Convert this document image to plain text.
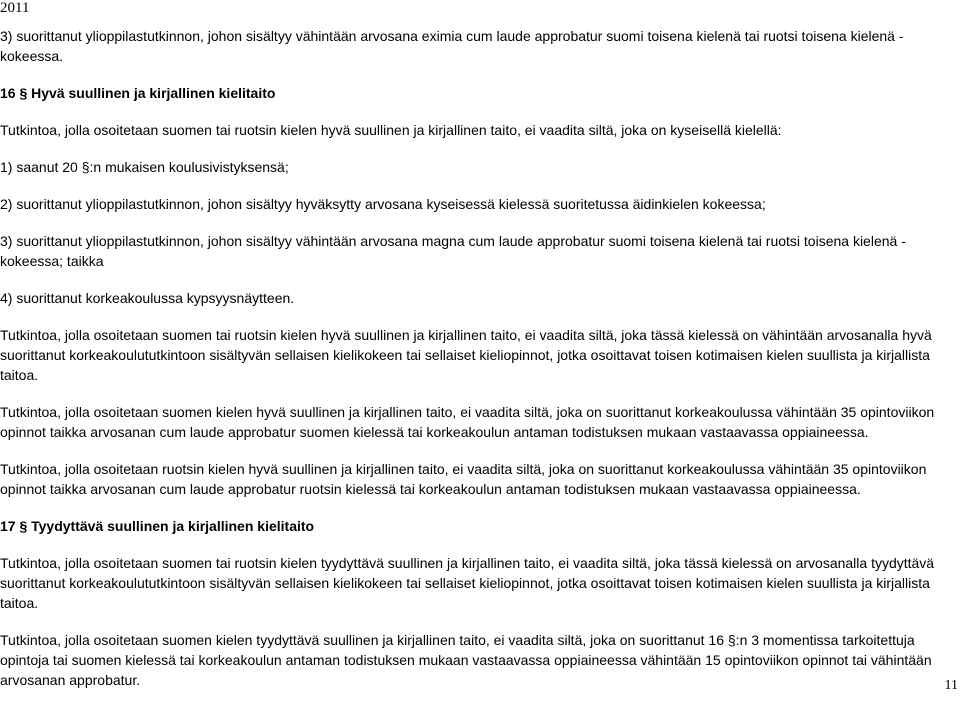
2011

3) suorittanut ylioppilastutkinnon, johon sisältyy vähintään arvosana eximia cum laude approbatur suomi toisena kielenä tai ruotsi toisena kielenä -kokeessa.

16 § Hyvä suullinen ja kirjallinen kielitaito

Tutkintoa, jolla osoitetaan suomen tai ruotsin kielen hyvä suullinen ja kirjallinen taito, ei vaadita siltä, joka on kyseisellä kielellä:

1) saanut 20 §:n mukaisen koulusivistyksensä;

2) suorittanut ylioppilastutkinnon, johon sisältyy hyväksytty arvosana kyseisessä kielessä suoritetussa äidinkielen kokeessa;

3) suorittanut ylioppilastutkinnon, johon sisältyy vähintään arvosana magna cum laude approbatur suomi toisena kielenä tai ruotsi toisena kielenä -kokeessa; taikka

4) suorittanut korkeakoulussa kypsyysnäytteen.

Tutkintoa, jolla osoitetaan suomen tai ruotsin kielen hyvä suullinen ja kirjallinen taito, ei vaadita siltä, joka tässä kielessä on vähintään arvosanalla hyvä suorittanut korkeakoulututkintoon sisältyvän sellaisen kielikokeen tai sellaiset kieliopinnot, jotka osoittavat toisen kotimaisen kielen suullista ja kirjallista taitoa.

Tutkintoa, jolla osoitetaan suomen kielen hyvä suullinen ja kirjallinen taito, ei vaadita siltä, joka on suorittanut korkeakoulussa vähintään 35 opintoviikon opinnot taikka arvosanan cum laude approbatur suomen kielessä tai korkeakoulun antaman todistuksen mukaan vastaavassa oppiaineessa.

Tutkintoa, jolla osoitetaan ruotsin kielen hyvä suullinen ja kirjallinen taito, ei vaadita siltä, joka on suorittanut korkeakoulussa vähintään 35 opintoviikon opinnot taikka arvosanan cum laude approbatur ruotsin kielessä tai korkeakoulun antaman todistuksen mukaan vastaavassa oppiaineessa.

17 § Tyydyttävä suullinen ja kirjallinen kielitaito

Tutkintoa, jolla osoitetaan suomen tai ruotsin kielen tyydyttävä suullinen ja kirjallinen taito, ei vaadita siltä, joka tässä kielessä on arvosanalla tyydyttävä suorittanut korkeakoulututkintoon sisältyvän sellaisen kielikokeen tai sellaiset kieliopinnot, jotka osoittavat toisen kotimaisen kielen suullista ja kirjallista taitoa.

Tutkintoa, jolla osoitetaan suomen kielen tyydyttävä suullinen ja kirjallinen taito, ei vaadita siltä, joka on suorittanut 16 §:n 3 momentissa tarkoitettuja opintoja tai suomen kielessä tai korkeakoulun antaman todistuksen mukaan vastaavassa oppiaineessa vähintään 15 opintoviikon opinnot tai vähintään arvosanan approbatur.	11
